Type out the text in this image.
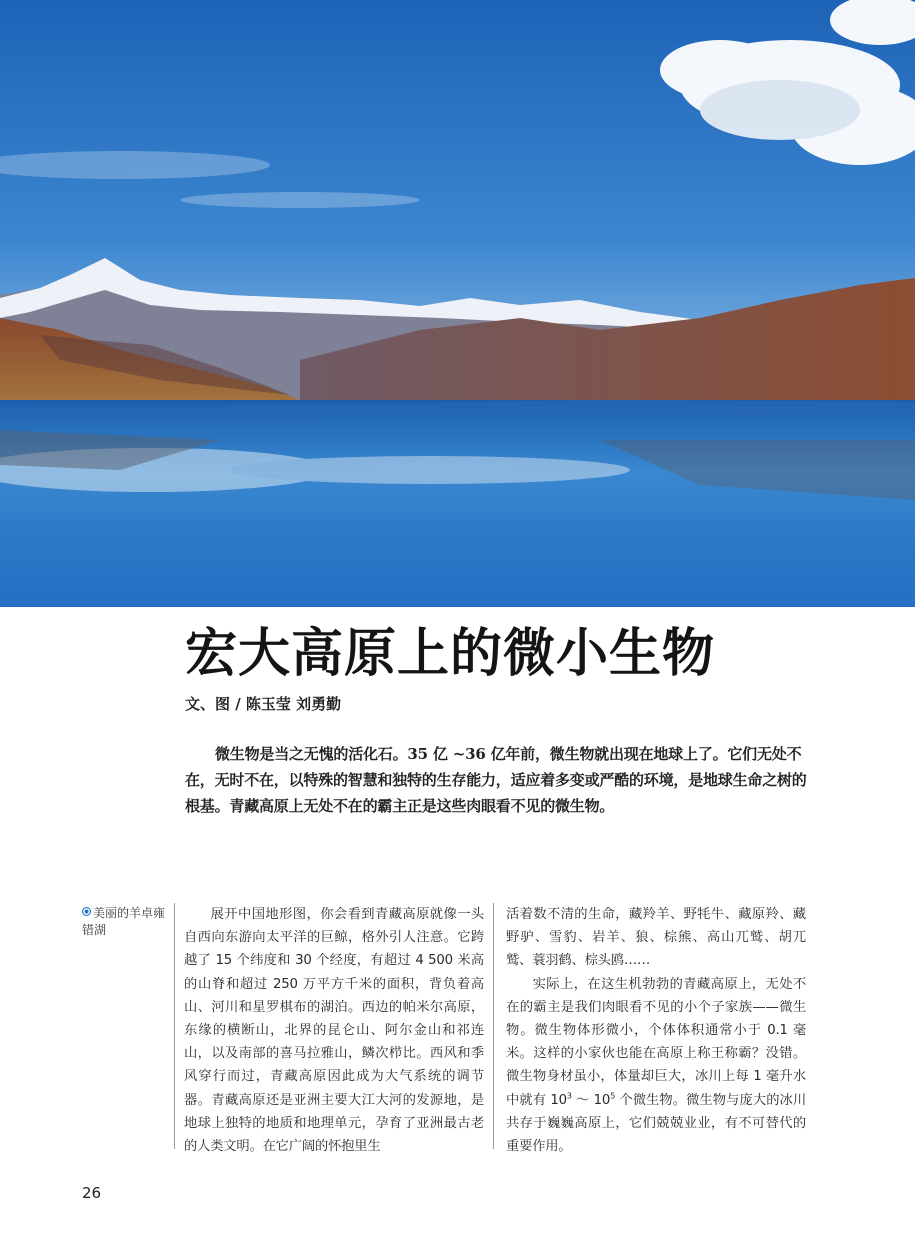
宏大高原上的微小生物
文、图 / 陈玉莹 刘勇勤

微生物是当之无愧的活化石。35 亿 ~36 亿年前，微生物就出现在地球上了。它们无处不在，无时不在，以特殊的智慧和独特的生存能力，适应着多变或严酷的环境，是地球生命之树的根基。青藏高原上无处不在的霸主正是这些肉眼看不见的微生物。

美丽的羊卓雍错湖

展开中国地形图，你会看到青藏高原就像一头自西向东游向太平洋的巨鲸，格外引人注意。它跨越了 15 个纬度和 30 个经度，有超过 4 500 米高的山脊和超过 250 万平方千米的面积，背负着高山、河川和星罗棋布的湖泊。西边的帕米尔高原，东缘的横断山，北界的昆仑山、阿尔金山和祁连山，以及南部的喜马拉雅山，鳞次栉比。西风和季风穿行而过，青藏高原因此成为大气系统的调节器。青藏高原还是亚洲主要大江大河的发源地，是地球上独特的地质和地理单元，孕育了亚洲最古老的人类文明。在它广阔的怀抱里生

活着数不清的生命，藏羚羊、野牦牛、藏原羚、藏野驴、雪豹、岩羊、狼、棕熊、高山兀鹫、胡兀鹫、蓑羽鹤、棕头鸥……

实际上，在这生机勃勃的青藏高原上，无处不在的霸主是我们肉眼看不见的小个子家族——微生物。微生物体形微小，个体体积通常小于 0.1 毫米。这样的小家伙也能在高原上称王称霸？没错。微生物身材虽小，体量却巨大，冰川上每 1 毫升水中就有 $10^3$ ～ $10^5$ 个微生物。微生物与庞大的冰川共存于巍巍高原上，它们兢兢业业，有不可替代的重要作用。

26
